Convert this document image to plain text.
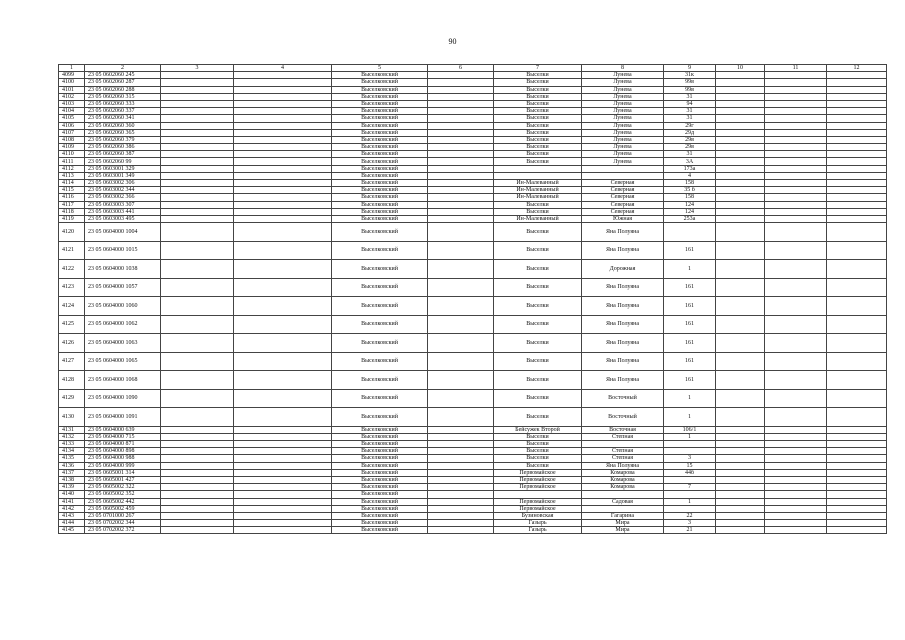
90
1	2	3	4	5	6	7	8	9	10	11	12
4099	23 05 0602060 245			Выселковский		Выселки	Лунева	31к			
4100	23 05 0602060 287			Выселковский		Выселки	Лунева	99в			
4101	23 05 0602060 288			Выселковский		Выселки	Лунева	99в			
4102	23 05 0602060 315			Выселковский		Выселки	Лунева	31			
4103	23 05 0602060 333			Выселковский		Выселки	Лунева	94			
4104	23 05 0602060 337			Выселковский		Выселки	Лунева	31			
4105	23 05 0602060 341			Выселковский		Выселки	Лунева	31			
4106	23 05 0602060 360			Выселковский		Выселки	Лунева	29г			
4107	23 05 0602060 365			Выселковский		Выселки	Лунева	29д			
4108	23 05 0602060 379			Выселковский		Выселки	Лунева	29в			
4109	23 05 0602060 386			Выселковский		Выселки	Лунева	29в			
4110	23 05 0602060 387			Выселковский		Выселки	Лунева	31			
4111	23 05 0602060 99			Выселковский		Выселки	Лунева	3А			
4112	23 05 0603001 329			Выселковский				173а			
4113	23 05 0603001 349			Выселковский				4			
4114	23 05 0603002 306			Выселковский		Ин-Малеванный	Северная	158			
4115	23 05 0603002 344			Выселковский		Ин-Малеванный	Северная	35 б			
4116	23 05 0603002 366			Выселковский		Ин-Малеванный	Северная	158			
4117	23 05 0603003 307			Выселковский		Выселки	Северная	124			
4118	23 05 0603003 441			Выселковский		Выселки	Северная	124			
4119	23 05 0603003 495			Выселковский		Ин-Малеванный	Южная	253а			
4120	23 05 0604000 1004			Выселковский		Выселки	Яна Полуяна				
4121	23 05 0604000 1015			Выселковский		Выселки	Яна Полуяна	161			
4122	23 05 0604000 1038			Выселковский		Выселки	Дорожная	1			
4123	23 05 0604000 1057			Выселковский		Выселки	Яна Полуяна	161			
4124	23 05 0604000 1060			Выселковский		Выселки	Яна Полуяна	161			
4125	23 05 0604000 1062			Выселковский		Выселки	Яна Полуяна	161			
4126	23 05 0604000 1063			Выселковский		Выселки	Яна Полуяна	161			
4127	23 05 0604000 1065			Выселковский		Выселки	Яна Полуяна	161			
4128	23 05 0604000 1068			Выселковский		Выселки	Яна Полуяна	161			
4129	23 05 0604000 1090			Выселковский		Выселки	Восточный	1			
4130	23 05 0604000 1091			Выселковский		Выселки	Восточный	1			
4131	23 05 0604000 639			Выселковский		Бейсужек Второй	Восточная	106/1			
4132	23 05 0604000 715			Выселковский		Выселки	Степная	1			
4133	23 05 0604000 871			Выселковский		Выселки					
4134	23 05 0604000 898			Выселковский		Выселки	Степная				
4135	23 05 0604000 988			Выселковский		Выселки	Степная	3			
4136	23 05 0604000 999			Выселковский		Выселки	Яна Полуяна	15			
4137	23 05 0605001 314			Выселковский		Первомайское	Комарова	44б			
4138	23 05 0605001 427			Выселковский		Первомайское	Комарова				
4139	23 05 0605002 322			Выселковский		Первомайское	Комарова	7			
4140	23 05 0605002 352			Выселковский							
4141	23 05 0605002 442			Выселковский		Первомайское	Садовая	1			
4142	23 05 0605002 459			Выселковский		Первомайское					
4143	23 05 0701000 267			Выселковский		Бузиновская	Гагарина	22			
4144	23 05 0702002 344			Выселковский		Газырь	Мира	3			
4145	23 05 0702002 372			Выселковский		Газырь	Мира	21			
